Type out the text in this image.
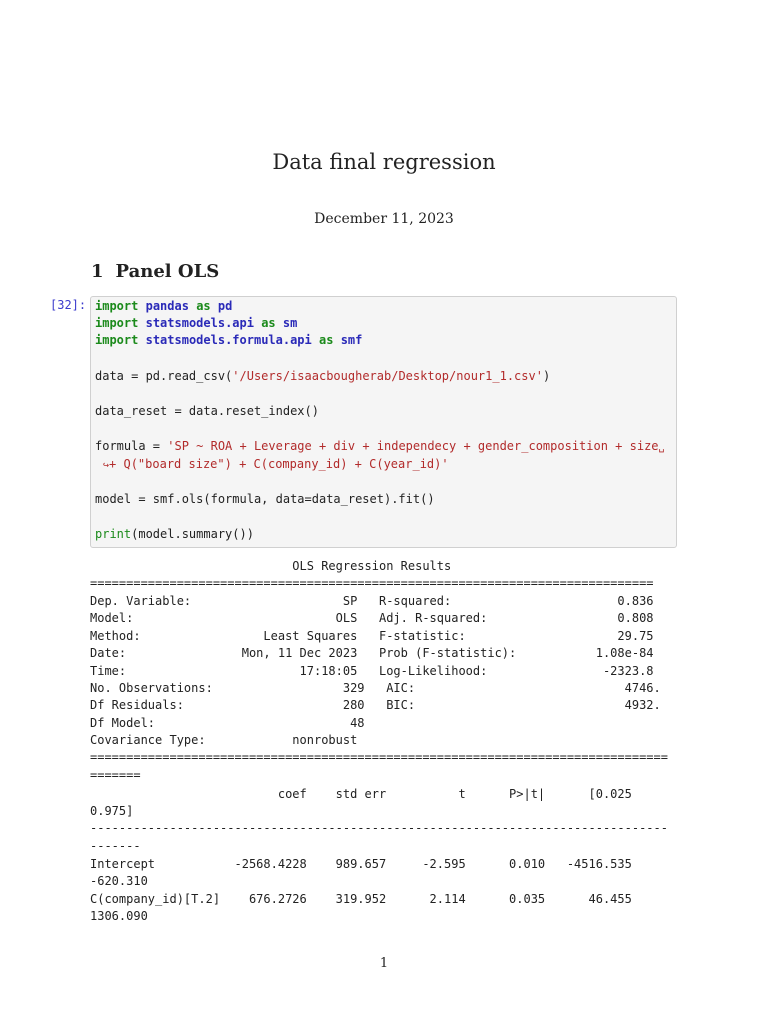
Data final regression
December 11, 2023
1 Panel OLS
[32]: import pandas as pd
import statsmodels.api as sm
import statsmodels.formula.api as smf
data = pd.read_csv('/Users/isaacbougherab/Desktop/nour1_1.csv')
data_reset = data.reset_index()
formula = 'SP ~ ROA + Leverage + div + independecy + gender_composition + size␣
↪+ Q("board size") + C(company_id) + C(year_id)'
model = smf.ols(formula, data=data_reset).fit()
print(model.summary())
OLS Regression Results
==============================================================================
Dep. Variable:                     SP   R-squared:                       0.836
Model:                            OLS   Adj. R-squared:                  0.808
Method:                 Least Squares   F-statistic:                     29.75
Date:                Mon, 11 Dec 2023   Prob (F-statistic):           1.08e-84
Time:                        17:18:05   Log-Likelihood:                -2323.8
No. Observations:                  329   AIC:                             4746.
Df Residuals:                      280   BIC:                             4932.
Df Model:                           48
Covariance Type:            nonrobust
================================================================================
=======
coef    std err          t      P>|t|      [0.025
0.975]
--------------------------------------------------------------------------------
-------
Intercept           -2568.4228    989.657     -2.595      0.010   -4516.535
-620.310
C(company_id)[T.2]    676.2726    319.952      2.114      0.035      46.455
1306.090
1
